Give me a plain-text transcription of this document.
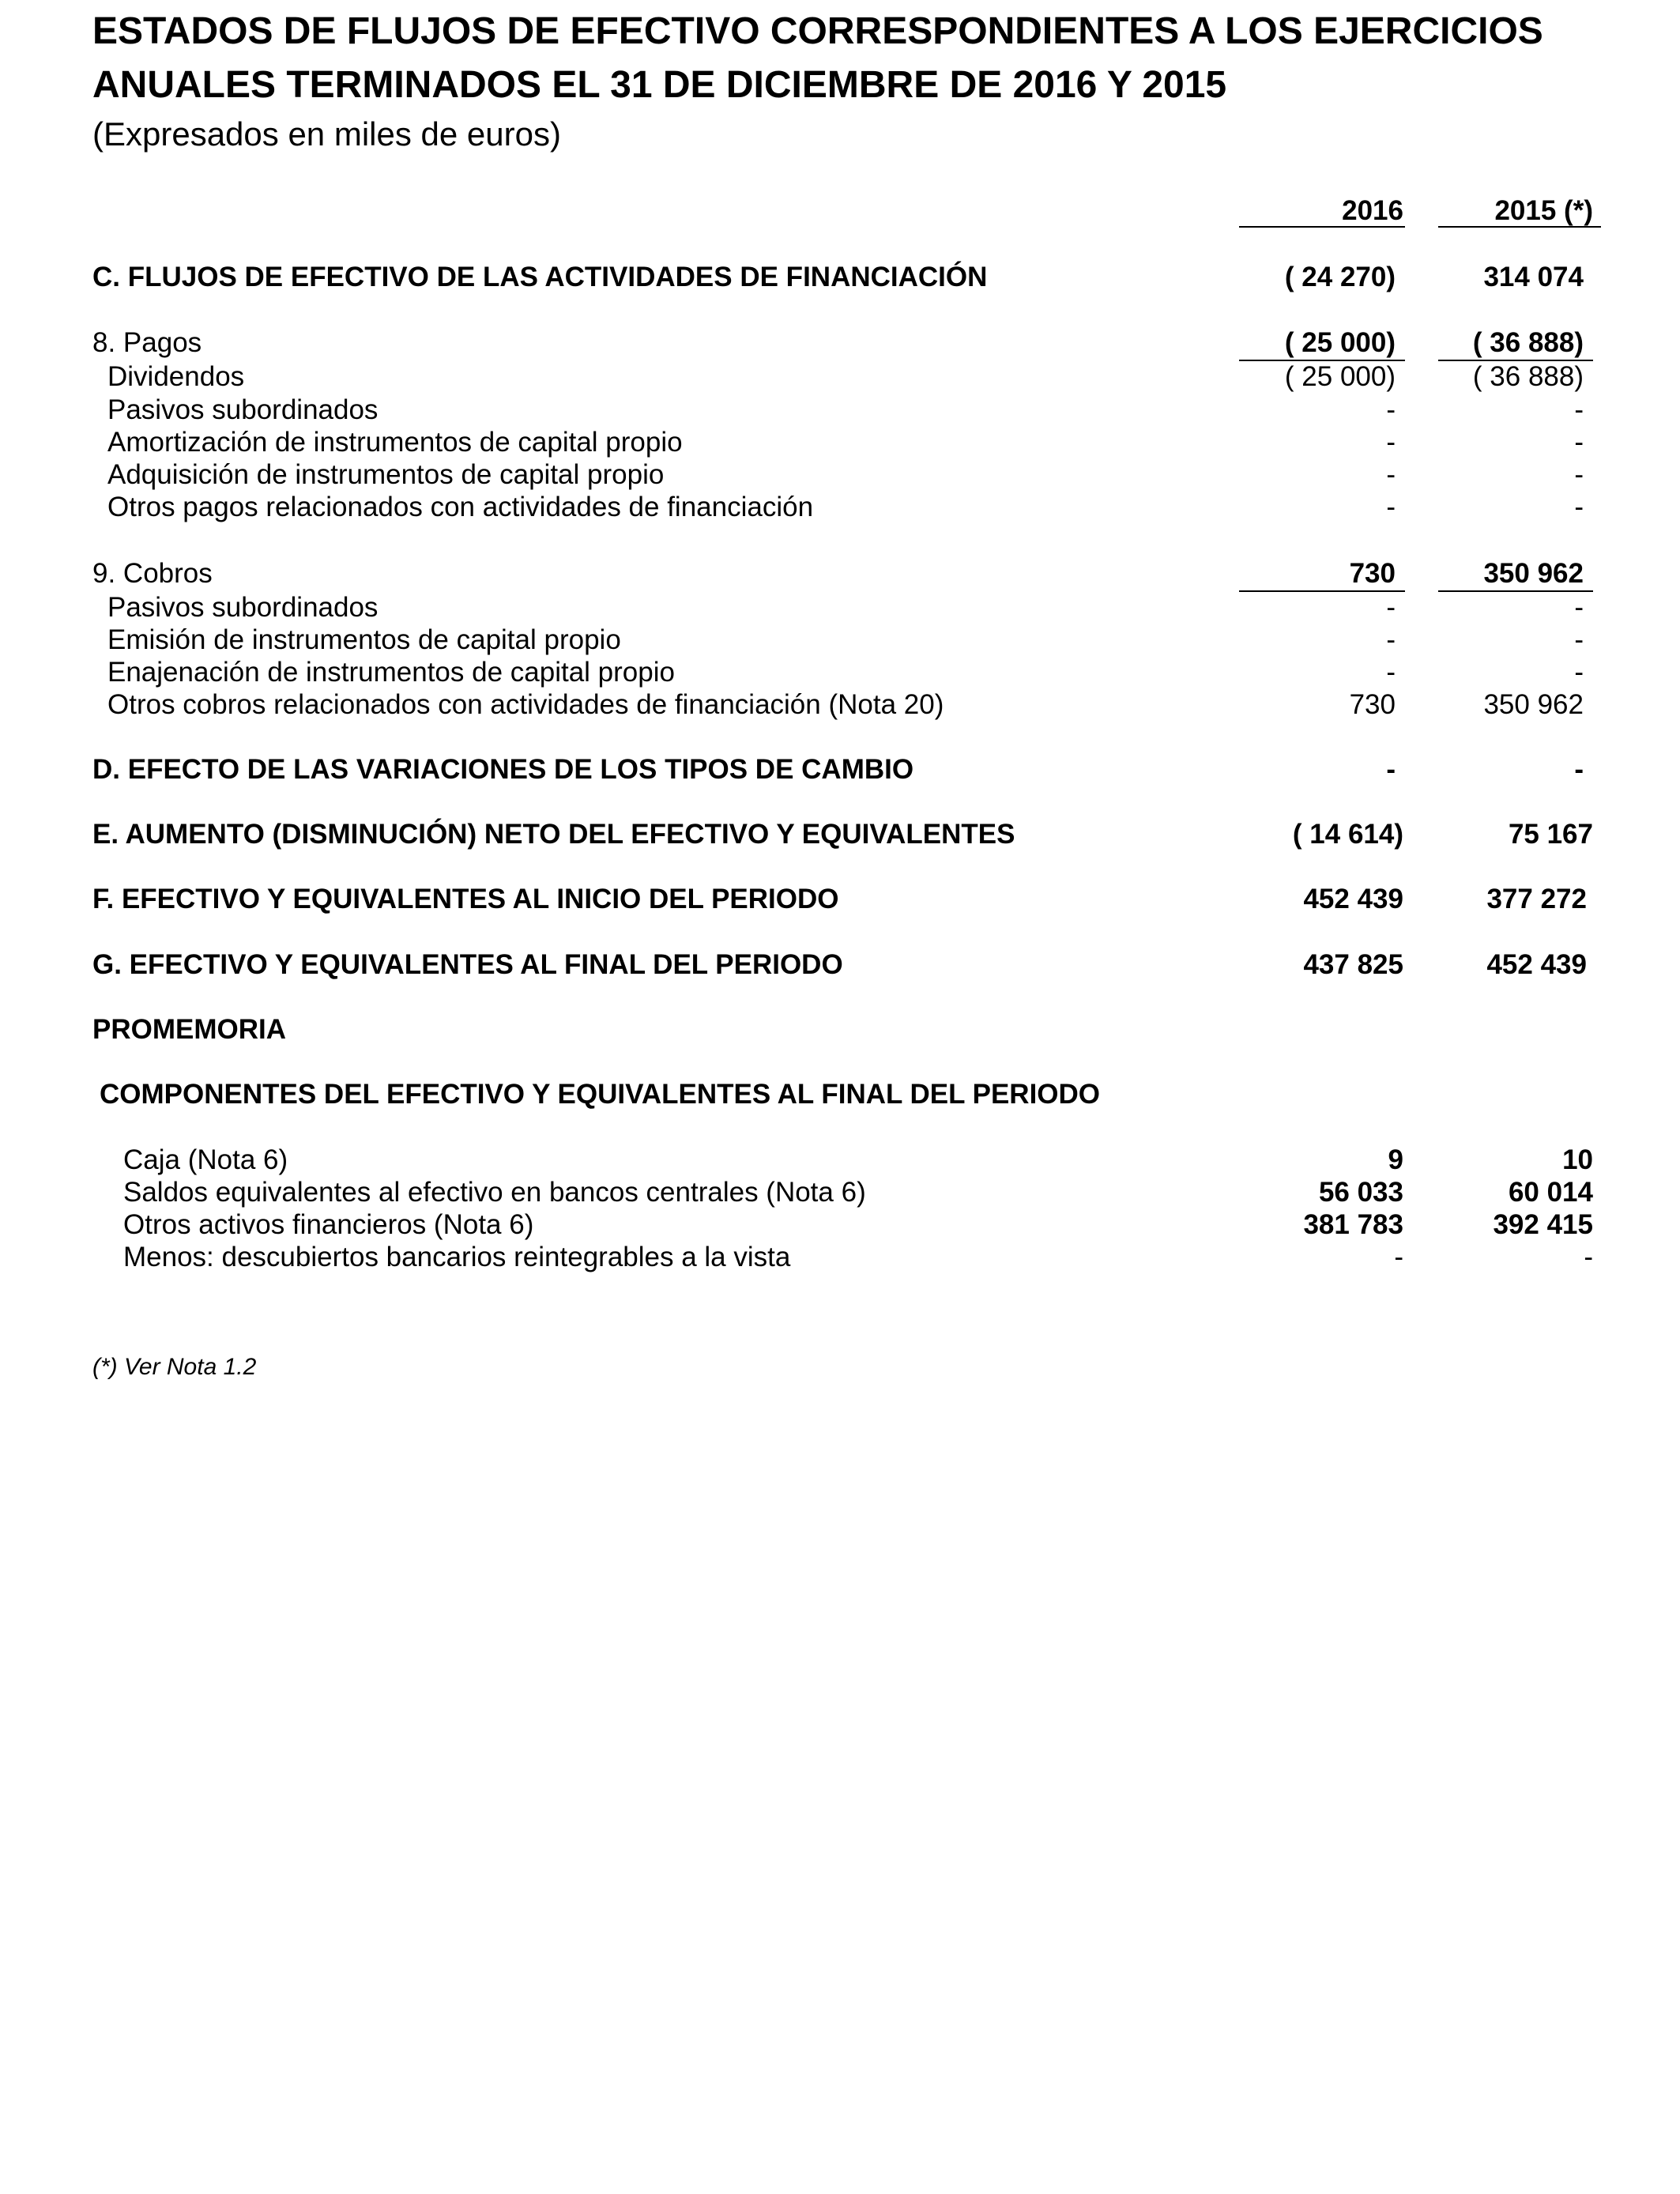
ESTADOS DE FLUJOS DE EFECTIVO CORRESPONDIENTES A LOS EJERCICIOS ANUALES TERMINADOS EL 31 DE DICIEMBRE DE 2016 Y 2015
(Expresados en miles de euros)
2016	2015 (*)
C. FLUJOS DE EFECTIVO DE LAS ACTIVIDADES DE FINANCIACIÓN	( 24 270)	314 074
8. Pagos	( 25 000)	( 36 888)
Dividendos	( 25 000)	( 36 888)
Pasivos subordinados	-	-
Amortización de instrumentos de capital propio	-	-
Adquisición de instrumentos de capital propio	-	-
Otros pagos relacionados con actividades de financiación	-	-
9. Cobros	730	350 962
Pasivos subordinados	-	-
Emisión de instrumentos de capital propio	-	-
Enajenación de instrumentos de capital propio	-	-
Otros cobros relacionados con actividades de financiación (Nota 20)	730	350 962
D. EFECTO DE LAS VARIACIONES DE LOS TIPOS DE CAMBIO	-	-
E. AUMENTO (DISMINUCIÓN) NETO DEL EFECTIVO Y EQUIVALENTES	( 14 614)	75 167
F. EFECTIVO Y EQUIVALENTES AL INICIO DEL PERIODO	452 439	377 272
G. EFECTIVO Y EQUIVALENTES AL FINAL DEL PERIODO	437 825	452 439
PROMEMORIA
COMPONENTES DEL EFECTIVO Y EQUIVALENTES AL FINAL DEL PERIODO
Caja (Nota 6)	9	10
Saldos equivalentes al efectivo en bancos centrales (Nota 6)	56 033	60 014
Otros activos financieros (Nota 6)	381 783	392 415
Menos: descubiertos bancarios reintegrables a la vista	-	-
(*) Ver Nota 1.2
